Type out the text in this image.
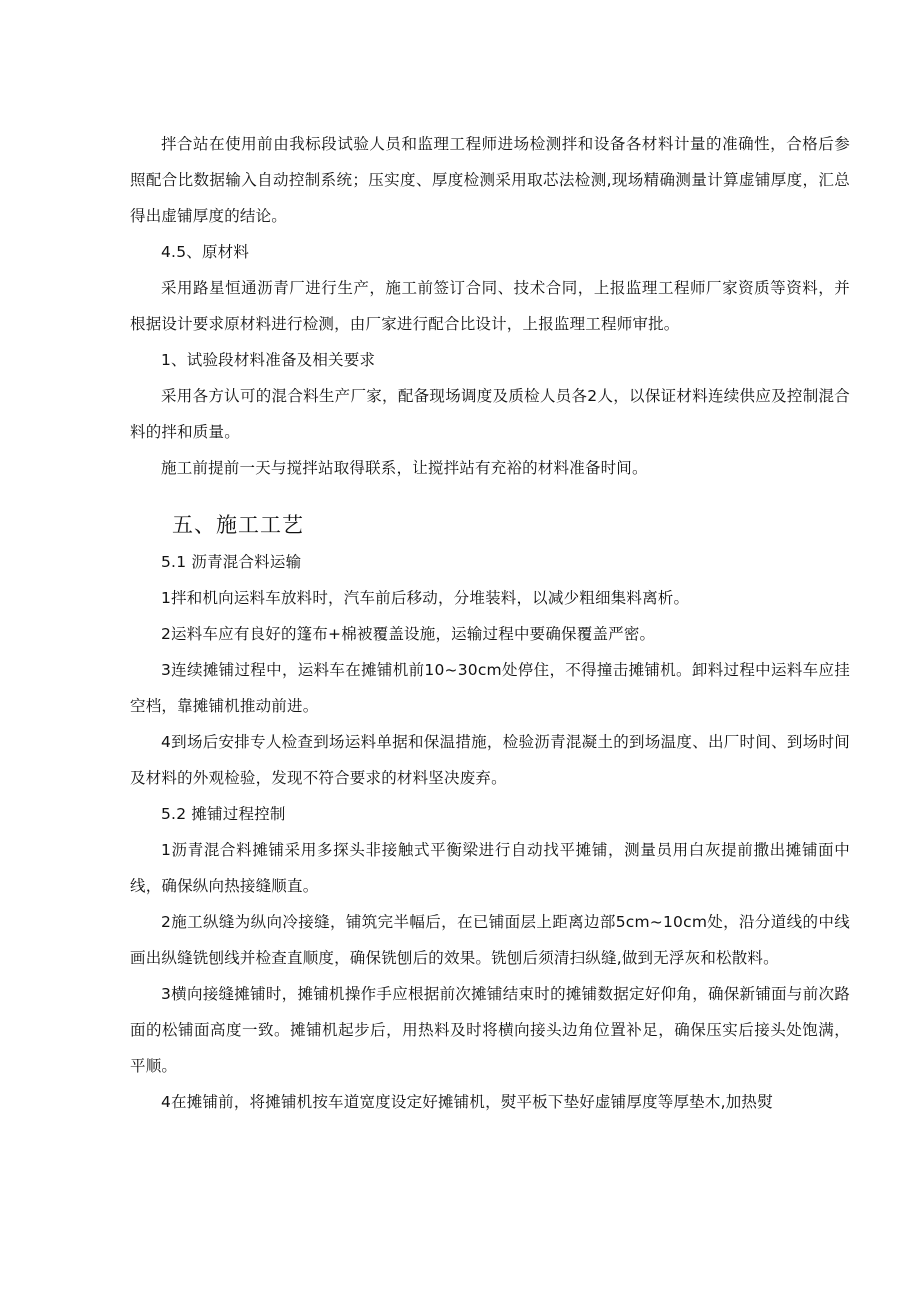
拌合站在使用前由我标段试验人员和监理工程师进场检测拌和设备各材料计量的准确性，合格后参照配合比数据输入自动控制系统；压实度、厚度检测采用取芯法检测,现场精确测量计算虚铺厚度，汇总得出虚铺厚度的结论。

4.5、原材料

采用路星恒通沥青厂进行生产，施工前签订合同、技术合同，上报监理工程师厂家资质等资料，并根据设计要求原材料进行检测，由厂家进行配合比设计，上报监理工程师审批。

1、试验段材料准备及相关要求

采用各方认可的混合料生产厂家，配备现场调度及质检人员各2人，以保证材料连续供应及控制混合料的拌和质量。

施工前提前一天与搅拌站取得联系，让搅拌站有充裕的材料准备时间。

五、施工工艺

5.1 沥青混合料运输

1拌和机向运料车放料时，汽车前后移动，分堆装料，以减少粗细集料离析。

2运料车应有良好的篷布+棉被覆盖设施，运输过程中要确保覆盖严密。

3连续摊铺过程中，运料车在摊铺机前10~30cm处停住，不得撞击摊铺机。卸料过程中运料车应挂空档，靠摊铺机推动前进。

4到场后安排专人检查到场运料单据和保温措施，检验沥青混凝土的到场温度、出厂时间、到场时间及材料的外观检验，发现不符合要求的材料坚决废弃。

5.2 摊铺过程控制

1沥青混合料摊铺采用多探头非接触式平衡梁进行自动找平摊铺，测量员用白灰提前撒出摊铺面中线，确保纵向热接缝顺直。

2施工纵缝为纵向冷接缝，铺筑完半幅后，在已铺面层上距离边部5cm~10cm处，沿分道线的中线画出纵缝铣刨线并检查直顺度，确保铣刨后的效果。铣刨后须清扫纵缝,做到无浮灰和松散料。

3横向接缝摊铺时，摊铺机操作手应根据前次摊铺结束时的摊铺数据定好仰角，确保新铺面与前次路面的松铺面高度一致。摊铺机起步后，用热料及时将横向接头边角位置补足，确保压实后接头处饱满，平顺。

4在摊铺前，将摊铺机按车道宽度设定好摊铺机，熨平板下垫好虚铺厚度等厚垫木,加热熨
